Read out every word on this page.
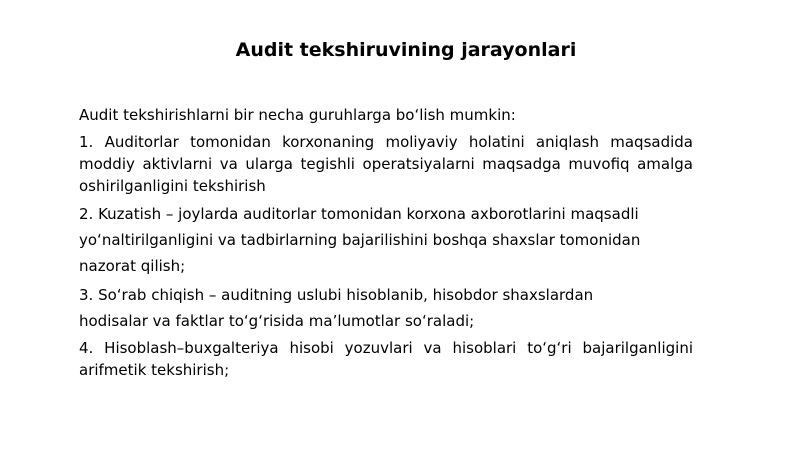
Audit tekshiruvining jarayonlari

Audit tekshirishlarni bir necha guruhlarga boʻlish mumkin:

1. Auditorlar tomonidan korxonaning moliyaviy holatini aniqlash maqsadida moddiy aktivlarni va ularga tegishli operatsiyalarni maqsadga muvofiq amalga oshirilganligini tekshirish

2. Kuzatish – joylarda auditorlar tomonidan korxona axborotlarini maqsadli
yoʻnaltirilganligini va tadbirlarning bajarilishini boshqa shaxslar tomonidan
nazorat qilish;
3. Soʻrab chiqish – auditning uslubi hisoblanib, hisobdor shaxslardan
hodisalar va faktlar toʻgʻrisida ma’lumotlar soʻraladi;

4. Hisoblash–buxgalteriya hisobi yozuvlari va hisoblari toʻgʻri bajarilganligini arifmetik tekshirish;
